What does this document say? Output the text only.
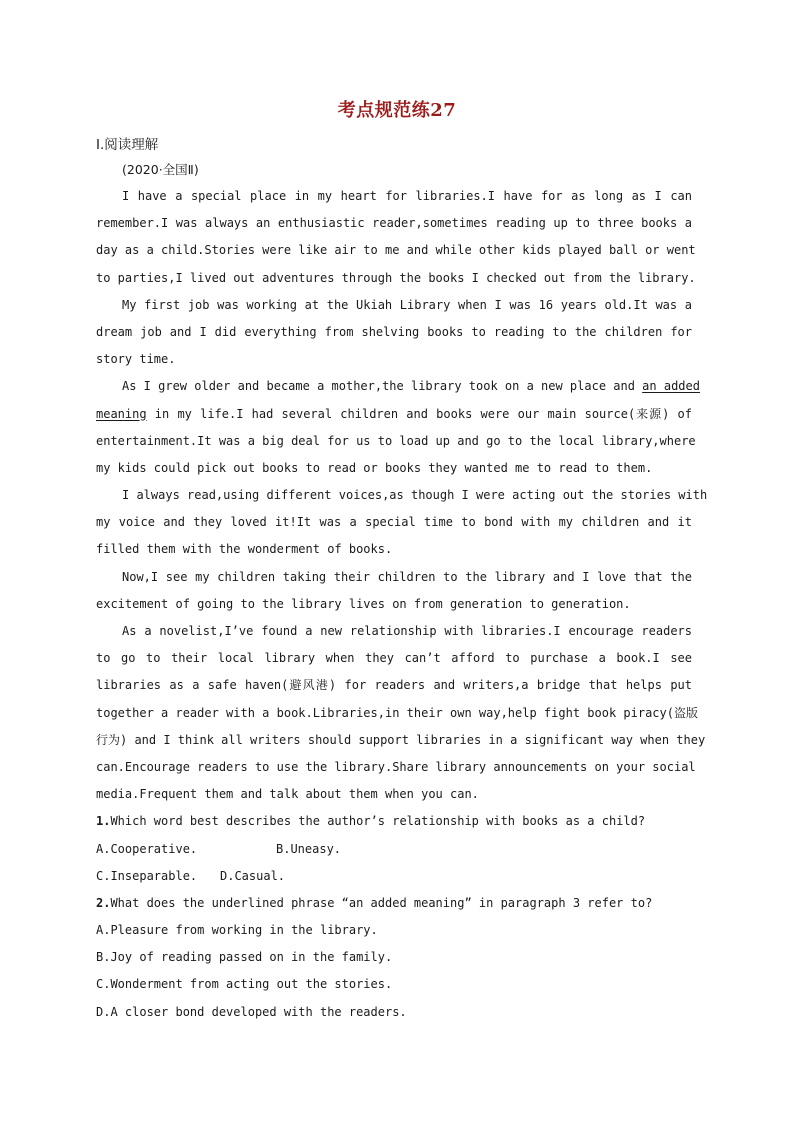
考点规范练27
Ⅰ.阅读理解
(2020·全国Ⅱ)
I have a special place in my heart for libraries.I have for as long as I can
remember.I was always an enthusiastic reader,sometimes reading up to three books a
day as a child.Stories were like air to me and while other kids played ball or went
to parties,I lived out adventures through the books I checked out from the library.
My first job was working at the Ukiah Library when I was 16 years old.It was a
dream job and I did everything from shelving books to reading to the children for
story time.
As I grew older and became a mother,the library took on a new place and an added
meaning in my life.I had several children and books were our main source(来源) of
entertainment.It was a big deal for us to load up and go to the local library,where
my kids could pick out books to read or books they wanted me to read to them.
I always read,using different voices,as though I were acting out the stories with
my voice and they loved it!It was a special time to bond with my children and it
filled them with the wonderment of books.
Now,I see my children taking their children to the library and I love that the
excitement of going to the library lives on from generation to generation.
As a novelist,I’ve found a new relationship with libraries.I encourage readers
to go to their local library when they can’t afford to purchase a book.I see
libraries as a safe haven(避风港) for readers and writers,a bridge that helps put
together a reader with a book.Libraries,in their own way,help fight book piracy(盗版
行为) and I think all writers should support libraries in a significant way when they
can.Encourage readers to use the library.Share library announcements on your social
media.Frequent them and talk about them when you can.
1.Which word best describes the author’s relationship with books as a child?
A.Cooperative.	B.Uneasy.
C.Inseparable. D.Casual.
2.What does the underlined phrase “an added meaning” in paragraph 3 refer to?
A.Pleasure from working in the library.
B.Joy of reading passed on in the family.
C.Wonderment from acting out the stories.
D.A closer bond developed with the readers.
